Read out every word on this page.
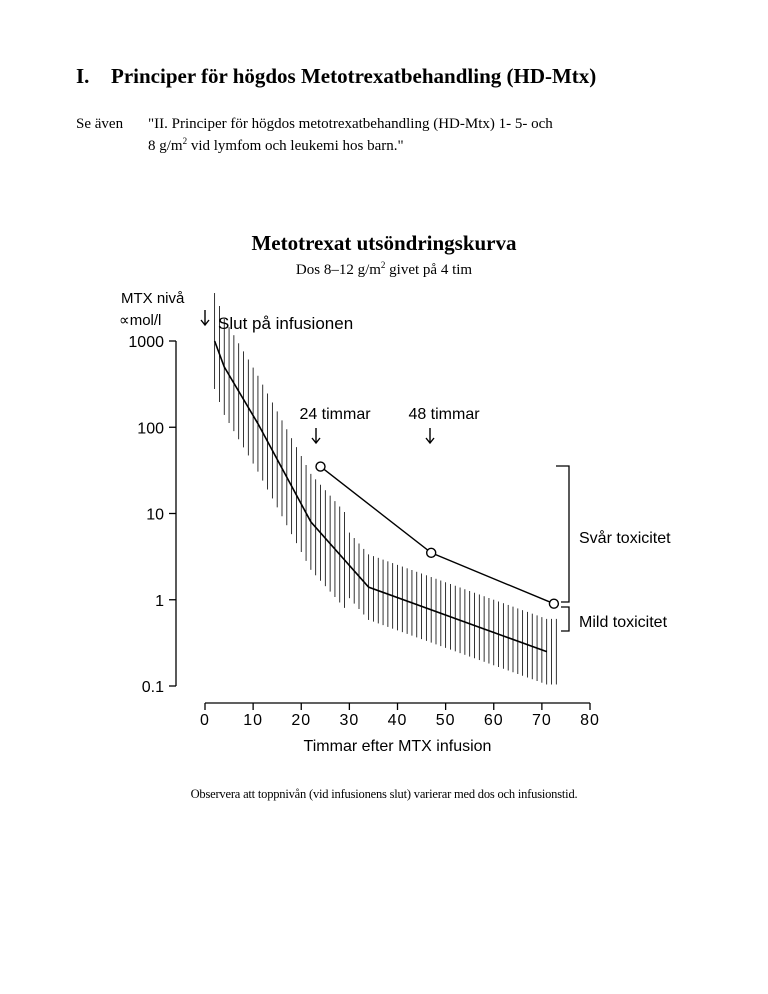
I. Principer för högdos Metotrexatbehandling (HD-Mtx)
Se även "II. Principer för högdos metotrexatbehandling (HD-Mtx) 1- 5- och
8 $g/m^2$ vid lymfom och leukemi hos barn."
Metotrexat utsöndringskurva
Dos 8–12 $g/m^2$ givet på 4 tim
1000
100
10
1
0.1
0 10 20 30 40 50 60 70 80
Timmar efter MTX infusion
MTX nivå
∝mol/l	Slut på infusionen
24 timmar 48 timmar
Svår toxicitet
Mild toxicitet
Observera att toppnivån (vid infusionens slut) varierar med dos och infusionstid.
